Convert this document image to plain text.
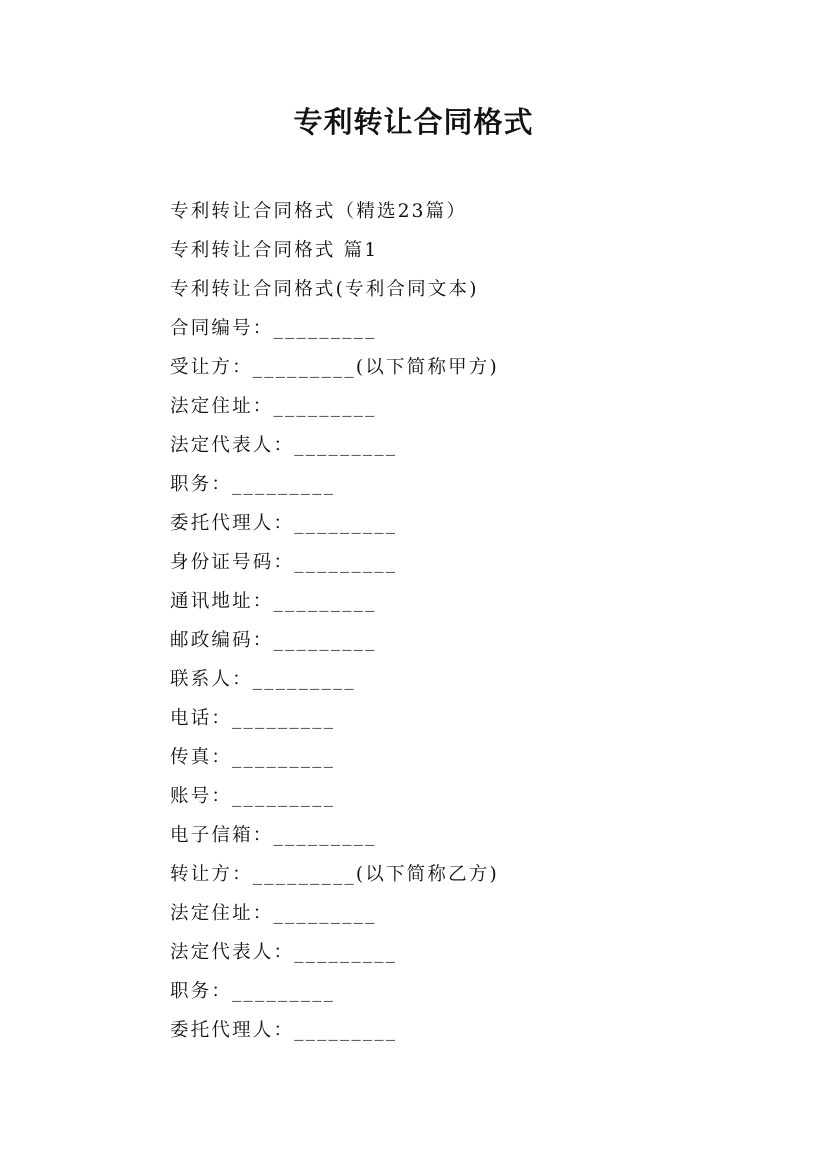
专利转让合同格式
专利转让合同格式（精选23篇）
专利转让合同格式 篇1
专利转让合同格式(专利合同文本)
合同编号：_________
受让方：_________(以下简称甲方)
法定住址：_________
法定代表人：_________
职务：_________
委托代理人：_________
身份证号码：_________
通讯地址：_________
邮政编码：_________
联系人：_________
电话：_________
传真：_________
账号：_________
电子信箱：_________
转让方：_________(以下简称乙方)
法定住址：_________
法定代表人：_________
职务：_________
委托代理人：_________
